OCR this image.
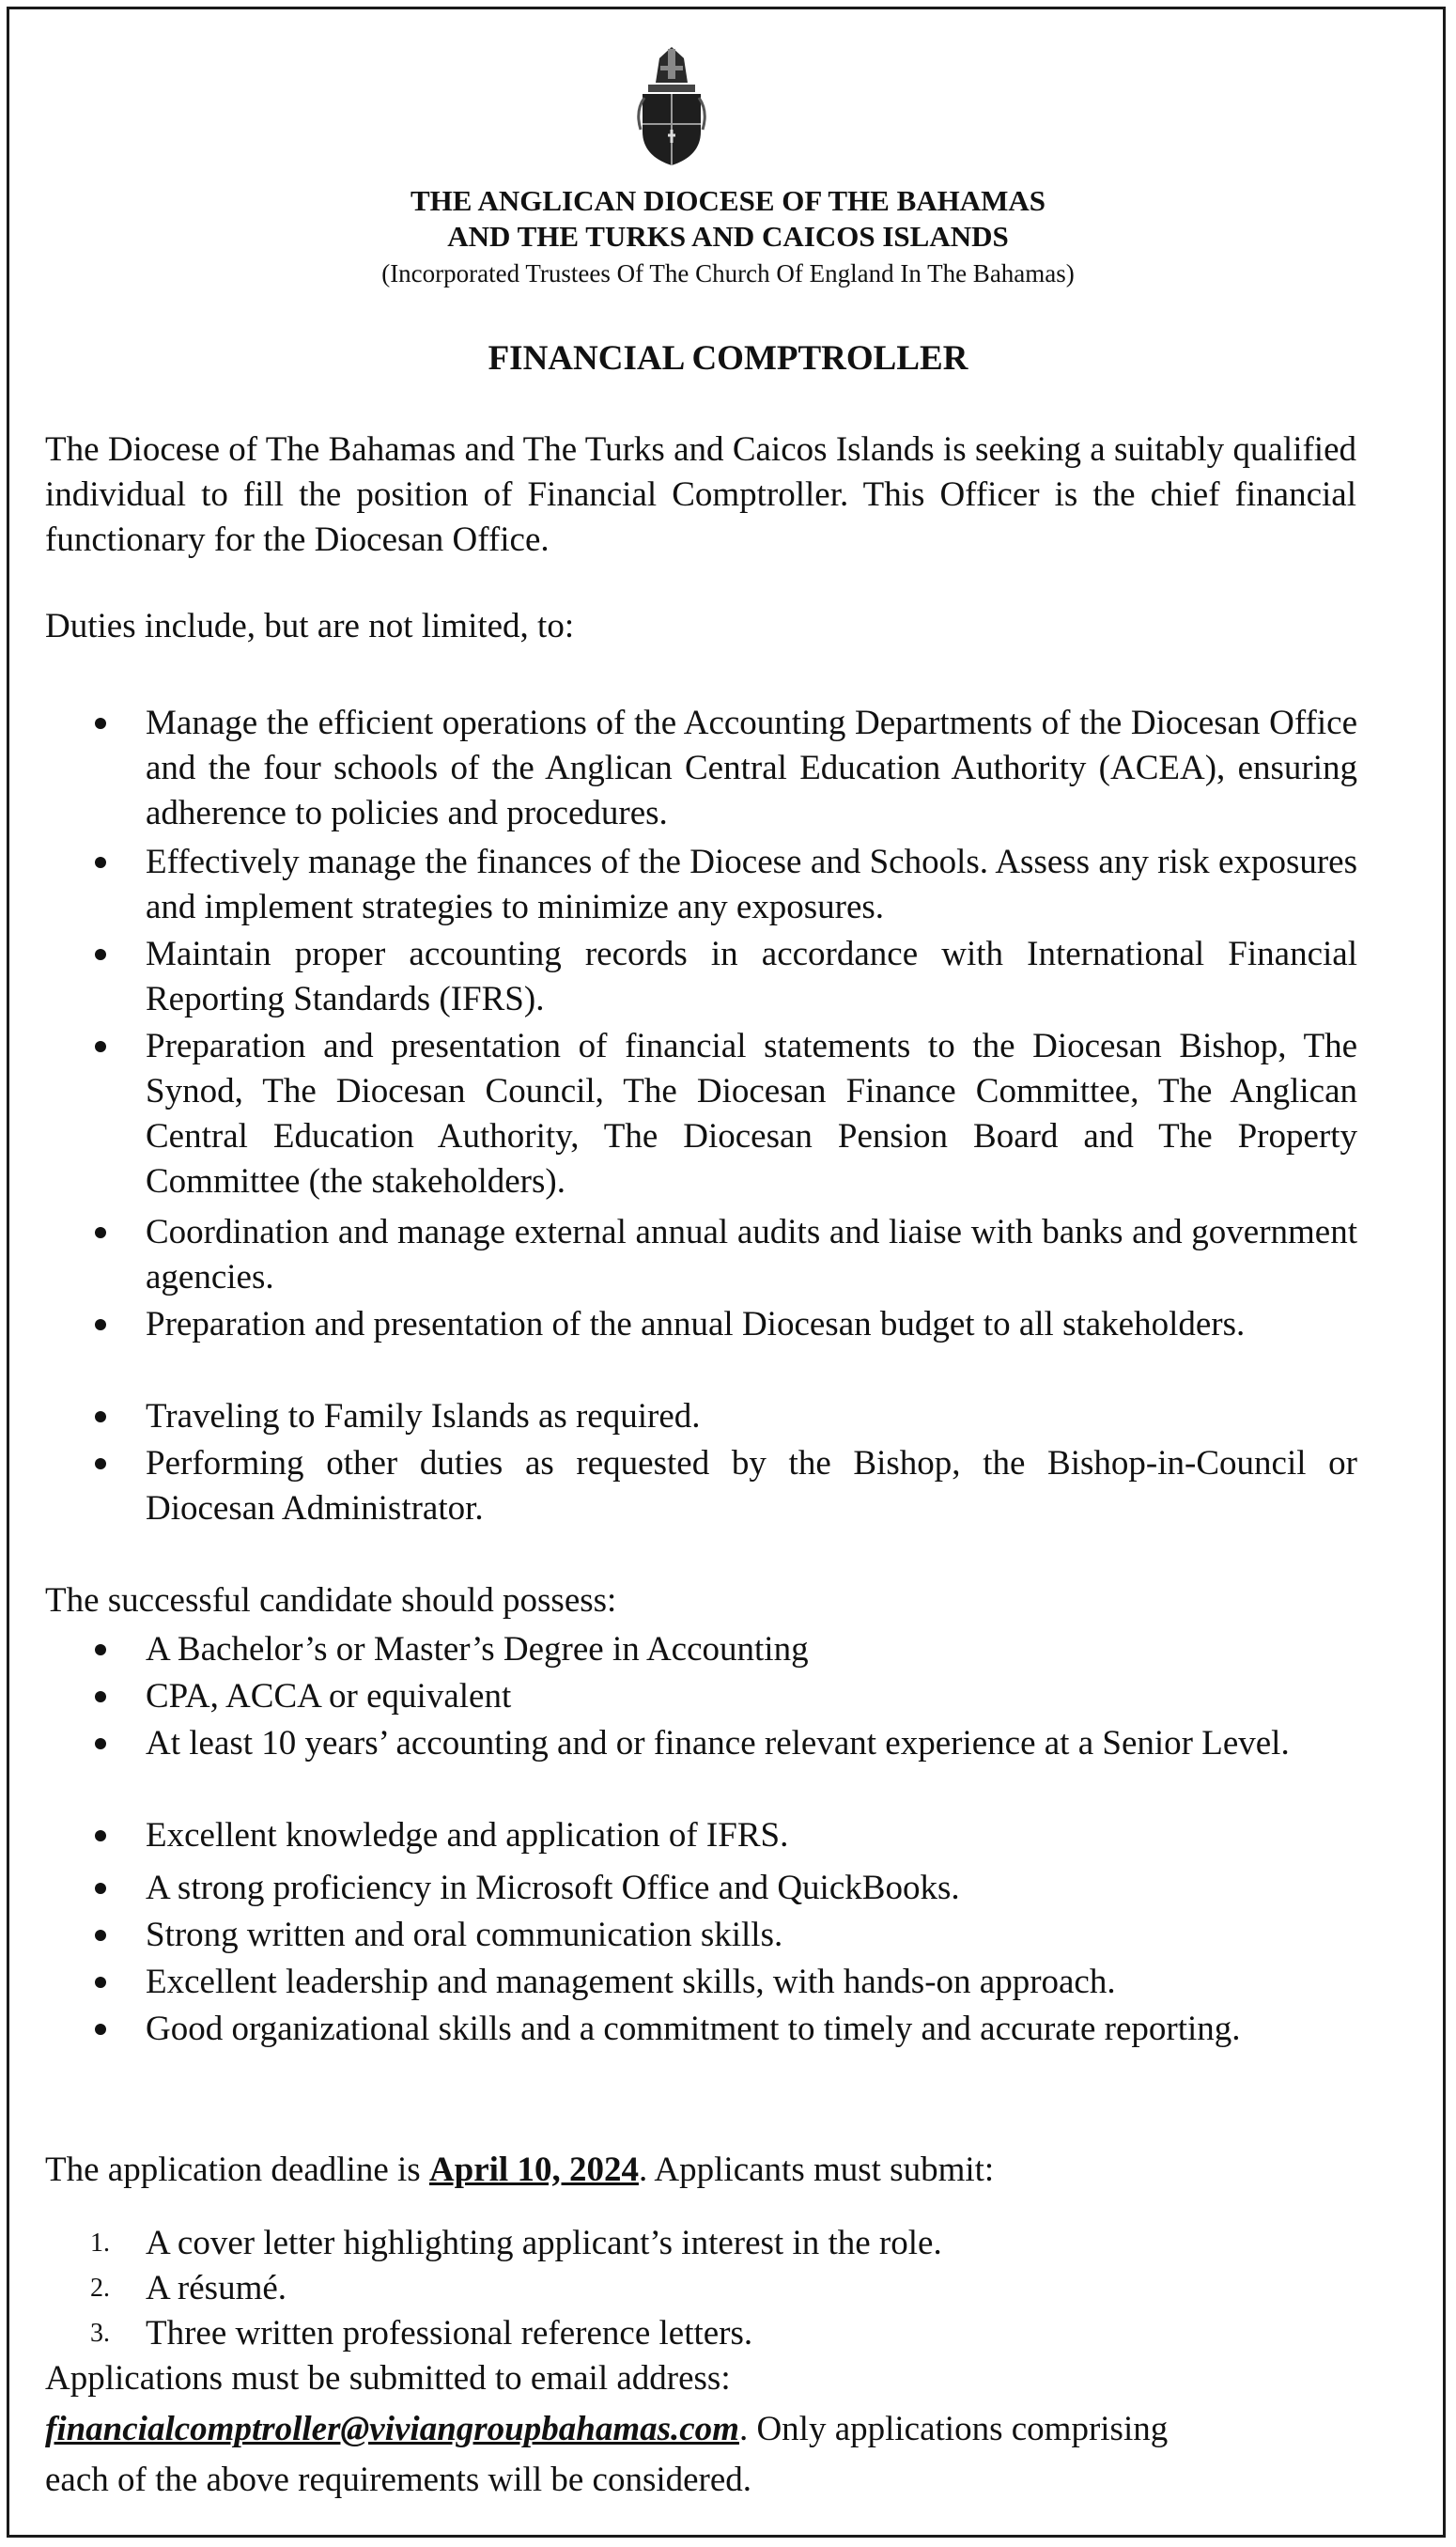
THE ANGLICAN DIOCESE OF THE BAHAMAS
AND THE TURKS AND CAICOS ISLANDS
(Incorporated Trustees Of The Church Of England In The Bahamas)
FINANCIAL COMPTROLLER
The Diocese of The Bahamas and The Turks and Caicos Islands is seeking a suitably qualified individual to fill the position of Financial Comptroller. This Officer is the chief financial functionary for the Diocesan Office.
Duties include, but are not limited, to:
Manage the efficient operations of the Accounting Departments of the Diocesan Office and the four schools of the Anglican Central Education Authority (ACEA), ensuring adherence to policies and procedures.
Effectively manage the finances of the Diocese and Schools. Assess any risk exposures and implement strategies to minimize any exposures.
Maintain proper accounting records in accordance with International Financial Reporting Standards (IFRS).
Preparation and presentation of financial statements to the Diocesan Bishop, The Synod, The Diocesan Council, The Diocesan Finance Committee, The Anglican Central Education Authority, The Diocesan Pension Board and The Property Committee (the stakeholders).
Coordination and manage external annual audits and liaise with banks and government agencies.
Preparation and presentation of the annual Diocesan budget to all stakeholders.
Traveling to Family Islands as required.
Performing other duties as requested by the Bishop, the Bishop-in-Council or Diocesan Administrator.
The successful candidate should possess:
A Bachelor’s or Master’s Degree in Accounting
CPA, ACCA or equivalent
At least 10 years’ accounting and or finance relevant experience at a Senior Level.
Excellent knowledge and application of IFRS.
A strong proficiency in Microsoft Office and QuickBooks.
Strong written and oral communication skills.
Excellent leadership and management skills, with hands-on approach.
Good organizational skills and a commitment to timely and accurate reporting.
The application deadline is April 10, 2024. Applicants must submit:
1. A cover letter highlighting applicant’s interest in the role.
2. A résumé.
3. Three written professional reference letters.
Applications must be submitted to email address:
financialcomptroller@viviangroupbahamas.com. Only applications comprising
each of the above requirements will be considered.
